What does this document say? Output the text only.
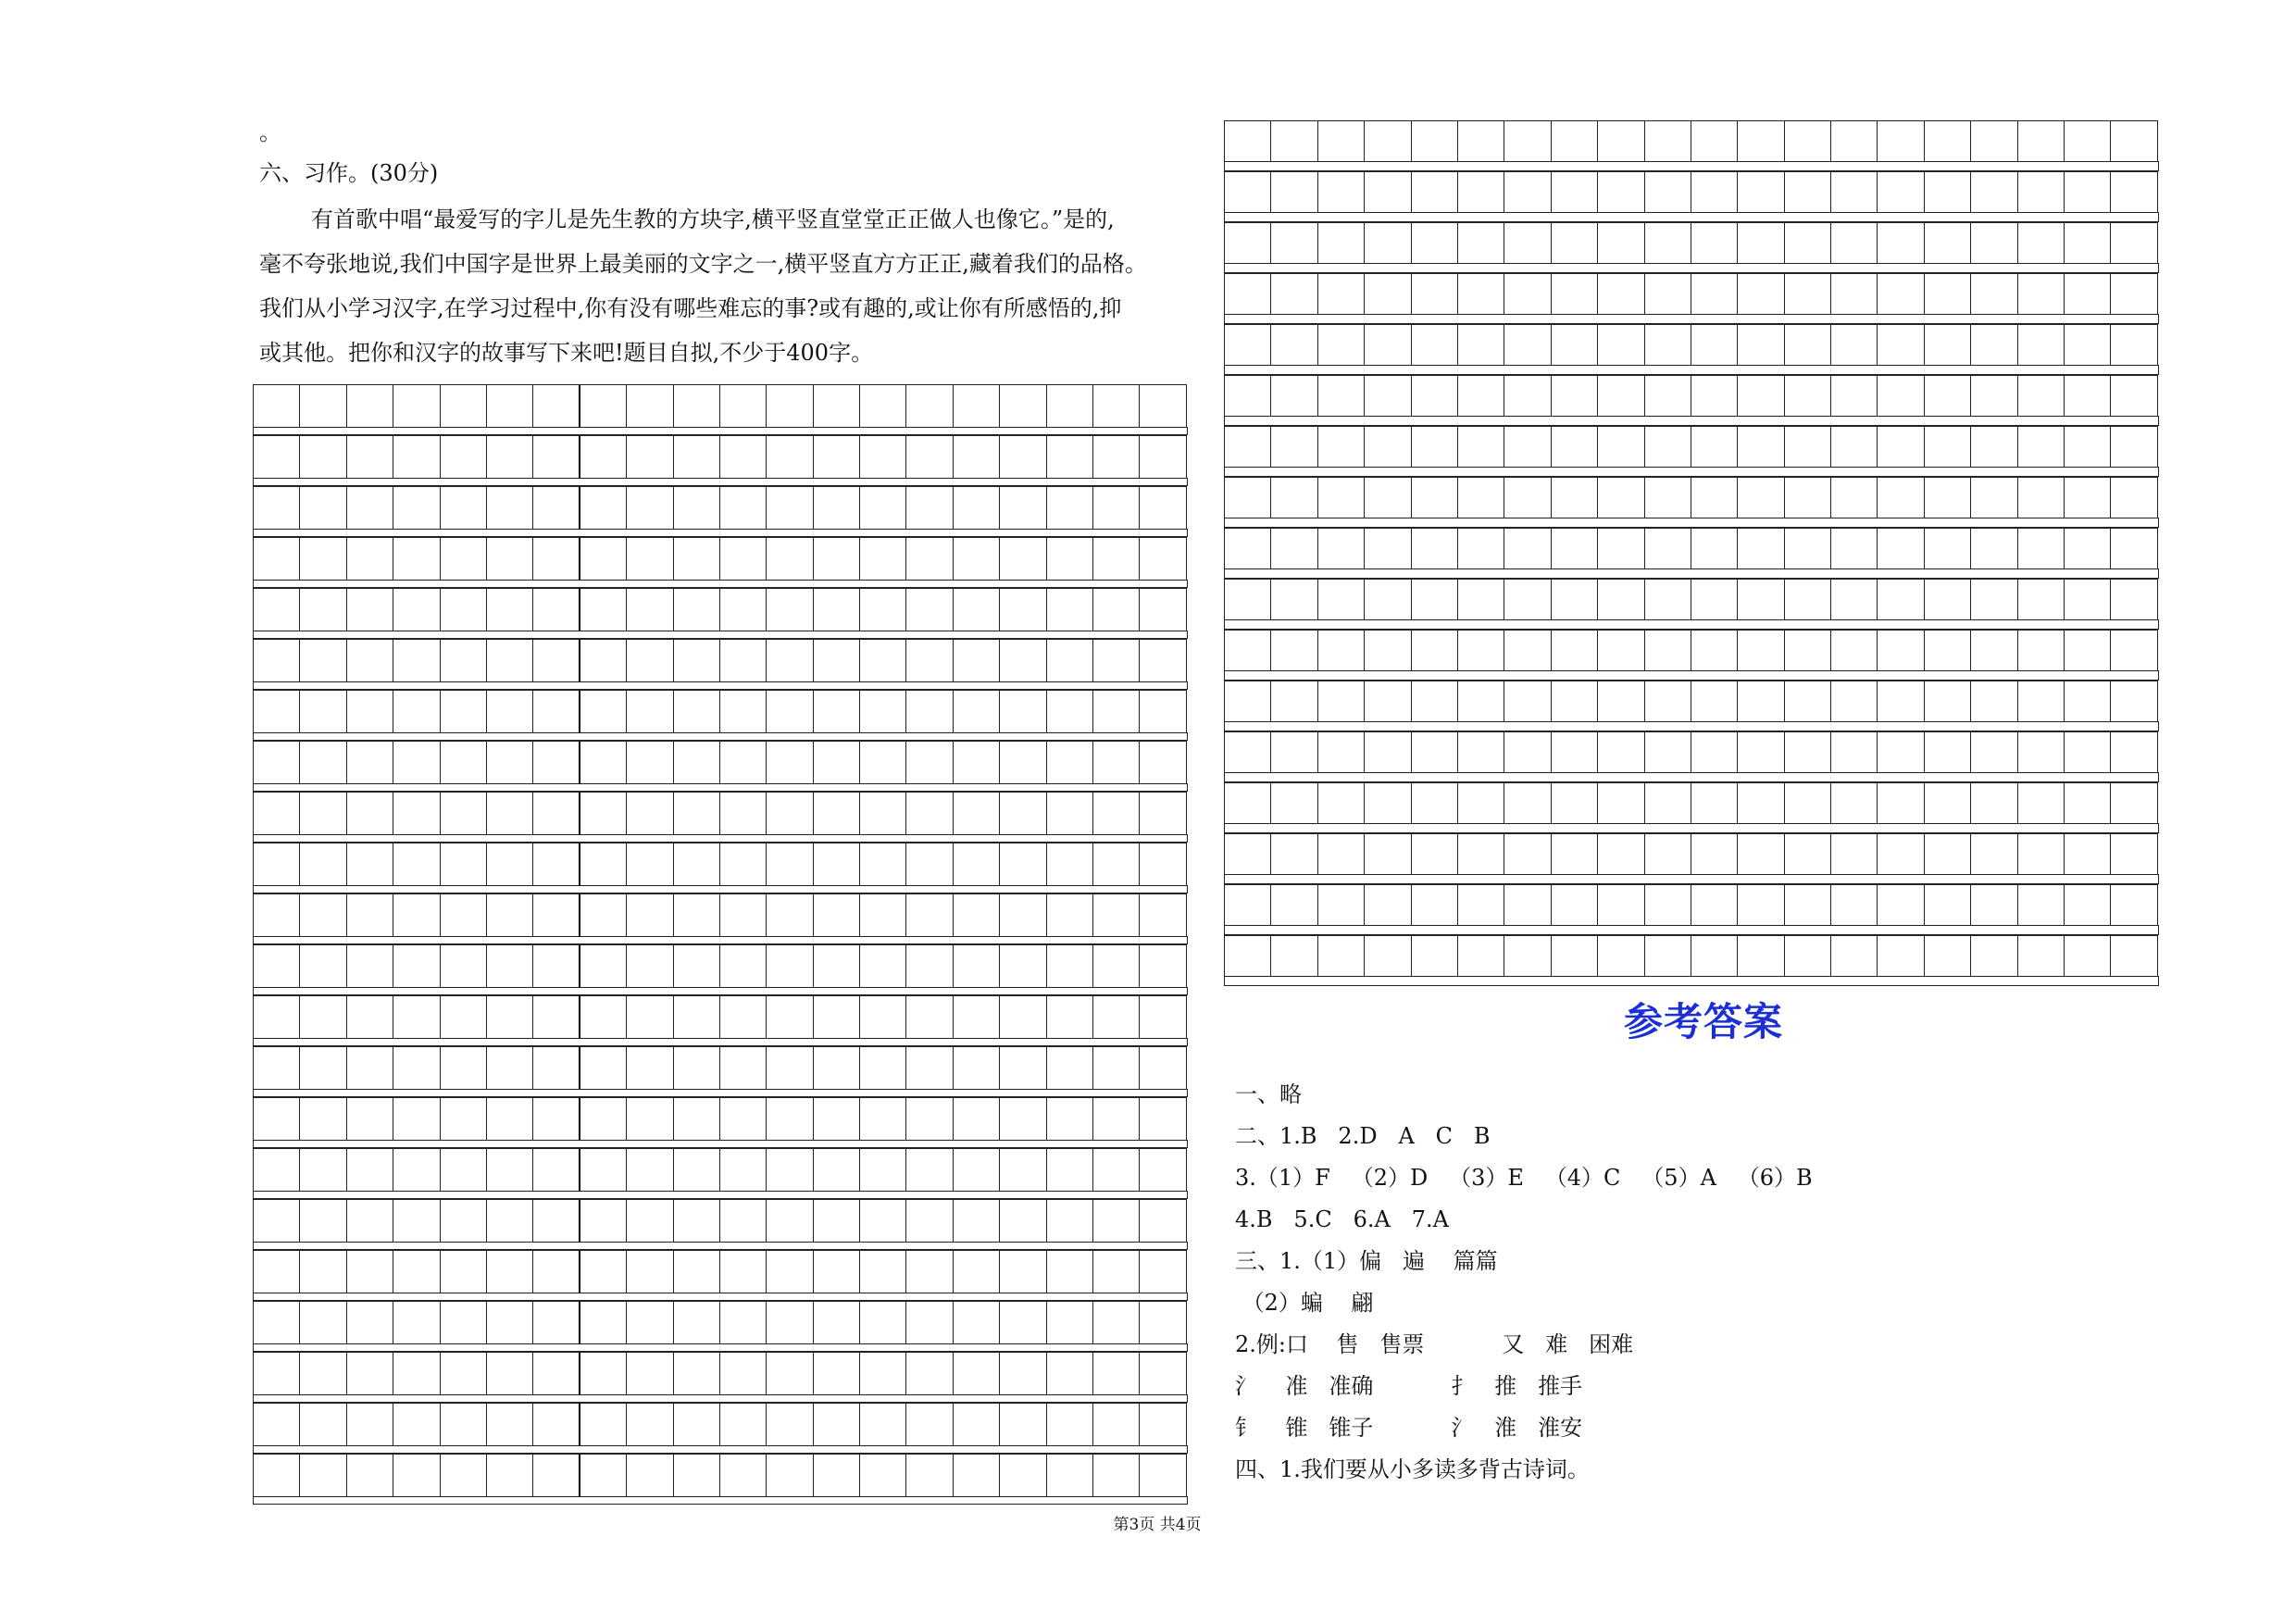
。
六、习作。(30分)
有首歌中唱“最爱写的字儿是先生教的方块字,横平竖直堂堂正正做人也像它。”是的,
毫不夸张地说,我们中国字是世界上最美丽的文字之一,横平竖直方方正正,藏着我们的品格。
我们从小学习汉字,在学习过程中,你有没有哪些难忘的事?或有趣的,或让你有所感悟的,抑
或其他。把你和汉字的故事写下来吧!题目自拟,不少于400字。
参考答案
一、略
二、1.B   2.D   A   C   B
3.（1）F   （2）D   （3）E   （4）C   （5）A   （6）B
4.B   5.C   6.A   7.A
三、1.（1）偏   遍    篇篇
（2）蝙    翩
2.例:口    售   售票           又   难   困难
氵    准   准确           扌   推   推手
钅    锥   锥子           氵   淮   淮安
四、1.我们要从小多读多背古诗词。
第3页 共4页
